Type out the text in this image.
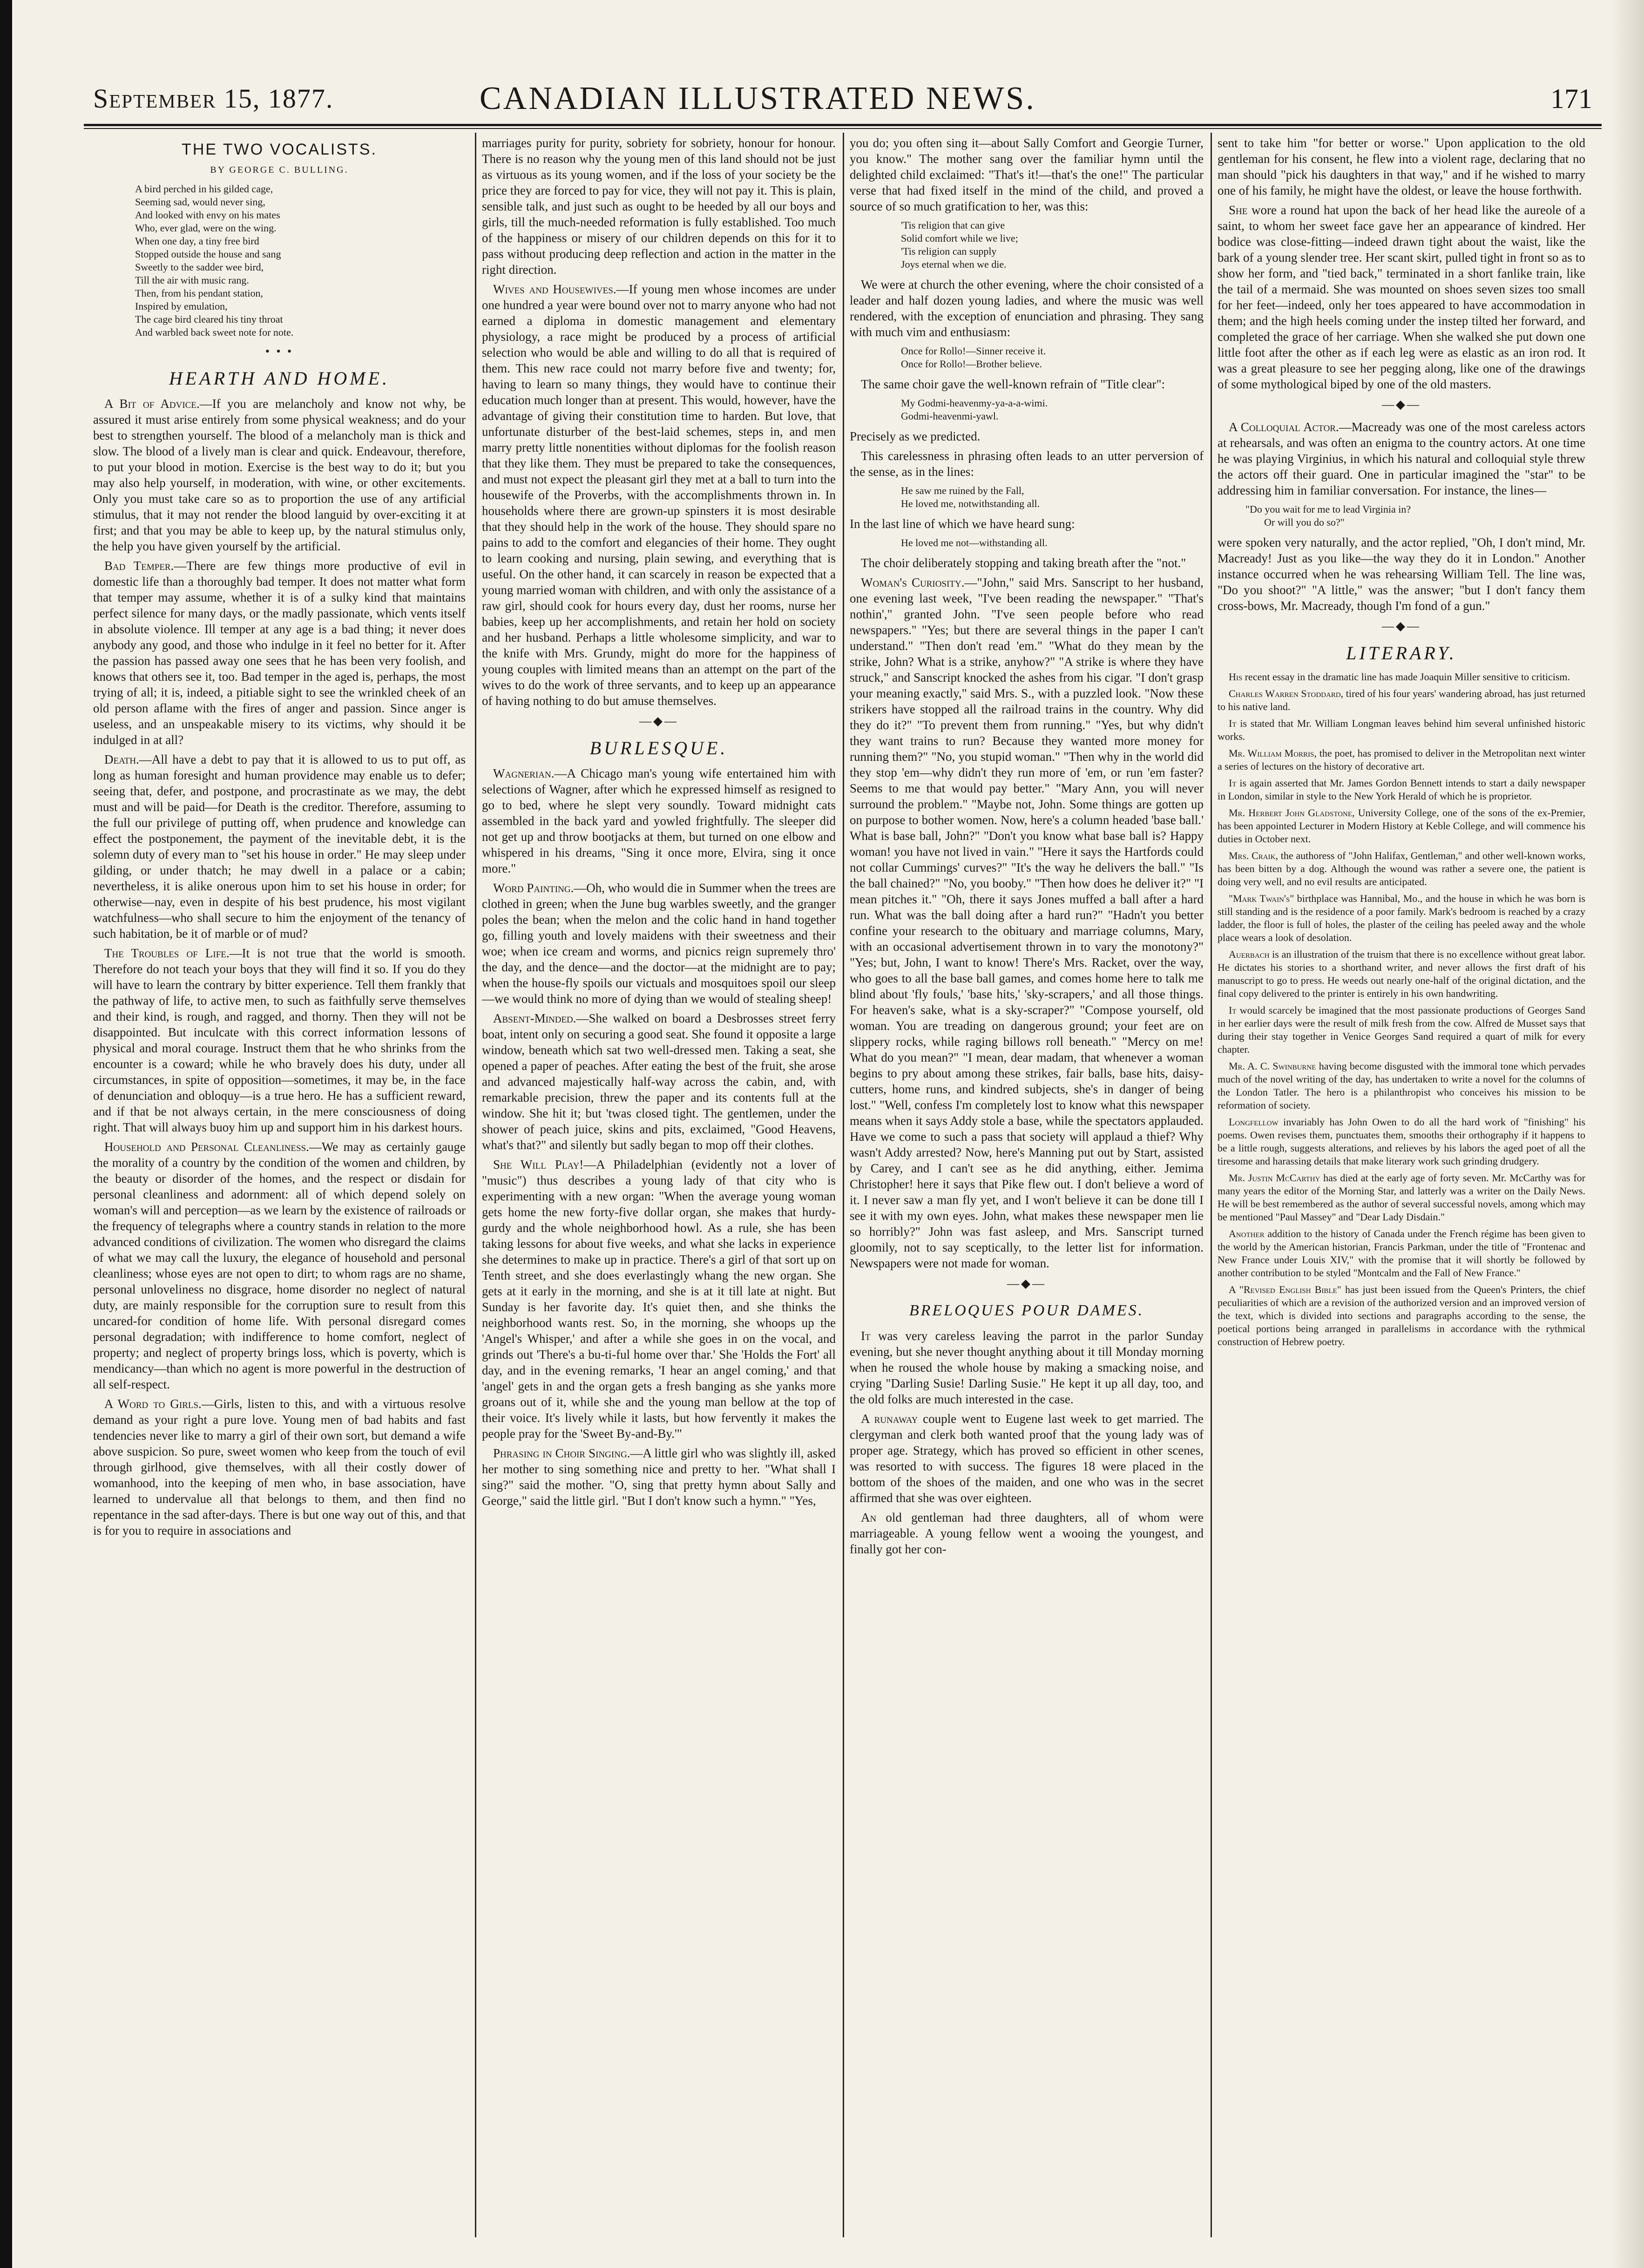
September 15, 1877.	CANADIAN ILLUSTRATED NEWS.	171
THE TWO VOCALISTS.
BY GEORGE C. BULLING.
A bird perched in his gilded cage,
Seeming sad, would never sing,
And looked with envy on his mates
Who, ever glad, were on the wing.
When one day, a tiny free bird
Stopped outside the house and sang
Sweetly to the sadder wee bird,
Till the air with music rang.
Then, from his pendant station,
Inspired by emulation,
The cage bird cleared his tiny throat
And warbled back sweet note for note.
• • •
HEARTH AND HOME.

A Bit of Advice.—If you are melancholy and know not why, be assured it must arise entirely from some physical weakness; and do your best to strengthen yourself. The blood of a melancholy man is thick and slow. The blood of a lively man is clear and quick. Endeavour, therefore, to put your blood in motion. Exercise is the best way to do it; but you may also help yourself, in moderation, with wine, or other excitements. Only you must take care so as to proportion the use of any artificial stimulus, that it may not render the blood languid by over-exciting it at first; and that you may be able to keep up, by the natural stimulus only, the help you have given yourself by the artificial.

Bad Temper.—There are few things more productive of evil in domestic life than a thoroughly bad temper. It does not matter what form that temper may assume, whether it is of a sulky kind that maintains perfect silence for many days, or the madly passionate, which vents itself in absolute violence. Ill temper at any age is a bad thing; it never does anybody any good, and those who indulge in it feel no better for it. After the passion has passed away one sees that he has been very foolish, and knows that others see it, too. Bad temper in the aged is, perhaps, the most trying of all; it is, indeed, a pitiable sight to see the wrinkled cheek of an old person aflame with the fires of anger and passion. Since anger is useless, and an unspeakable misery to its victims, why should it be indulged in at all?

Death.—All have a debt to pay that it is allowed to us to put off, as long as human foresight and human providence may enable us to defer; seeing that, defer, and postpone, and procrastinate as we may, the debt must and will be paid—for Death is the creditor. Therefore, assuming to the full our privilege of putting off, when prudence and knowledge can effect the postponement, the payment of the inevitable debt, it is the solemn duty of every man to "set his house in order." He may sleep under gilding, or under thatch; he may dwell in a palace or a cabin; nevertheless, it is alike onerous upon him to set his house in order; for otherwise—nay, even in despite of his best prudence, his most vigilant watchfulness—who shall secure to him the enjoyment of the tenancy of such habitation, be it of marble or of mud?

The Troubles of Life.—It is not true that the world is smooth. Therefore do not teach your boys that they will find it so. If you do they will have to learn the contrary by bitter experience. Tell them frankly that the pathway of life, to active men, to such as faithfully serve themselves and their kind, is rough, and ragged, and thorny. Then they will not be disappointed. But inculcate with this correct information lessons of physical and moral courage. Instruct them that he who shrinks from the encounter is a coward; while he who bravely does his duty, under all circumstances, in spite of opposition—sometimes, it may be, in the face of denunciation and obloquy—is a true hero. He has a sufficient reward, and if that be not always certain, in the mere consciousness of doing right. That will always buoy him up and support him in his darkest hours.

Household and Personal Cleanliness.—We may as certainly gauge the morality of a country by the condition of the women and children, by the beauty or disorder of the homes, and the respect or disdain for personal cleanliness and adornment: all of which depend solely on woman's will and perception—as we learn by the existence of railroads or the frequency of telegraphs where a country stands in relation to the more advanced conditions of civilization. The women who disregard the claims of what we may call the luxury, the elegance of household and personal cleanliness; whose eyes are not open to dirt; to whom rags are no shame, personal unloveliness no disgrace, home disorder no neglect of natural duty, are mainly responsible for the corruption sure to result from this uncared-for condition of home life. With personal disregard comes personal degradation; with indifference to home comfort, neglect of property; and neglect of property brings loss, which is poverty, which is mendicancy—than which no agent is more powerful in the destruction of all self-respect.

A Word to Girls.—Girls, listen to this, and with a virtuous resolve demand as your right a pure love. Young men of bad habits and fast tendencies never like to marry a girl of their own sort, but demand a wife above suspicion. So pure, sweet women who keep from the touch of evil through girlhood, give themselves, with all their costly dower of womanhood, into the keeping of men who, in base association, have learned to undervalue all that belongs to them, and then find no repentance in the sad after-days. There is but one way out of this, and that is for you to require in associations and

marriages purity for purity, sobriety for sobriety, honour for honour. There is no reason why the young men of this land should not be just as virtuous as its young women, and if the loss of your society be the price they are forced to pay for vice, they will not pay it. This is plain, sensible talk, and just such as ought to be heeded by all our boys and girls, till the much-needed reformation is fully established. Too much of the happiness or misery of our children depends on this for it to pass without producing deep reflection and action in the matter in the right direction.

Wives and Housewives.—If young men whose incomes are under one hundred a year were bound over not to marry anyone who had not earned a diploma in domestic management and elementary physiology, a race might be produced by a process of artificial selection who would be able and willing to do all that is required of them. This new race could not marry before five and twenty; for, having to learn so many things, they would have to continue their education much longer than at present. This would, however, have the advantage of giving their constitution time to harden. But love, that unfortunate disturber of the best-laid schemes, steps in, and men marry pretty little nonentities without diplomas for the foolish reason that they like them. They must be prepared to take the consequences, and must not expect the pleasant girl they met at a ball to turn into the housewife of the Proverbs, with the accomplishments thrown in. In households where there are grown-up spinsters it is most desirable that they should help in the work of the house. They should spare no pains to add to the comfort and elegancies of their home. They ought to learn cooking and nursing, plain sewing, and everything that is useful. On the other hand, it can scarcely in reason be expected that a young married woman with children, and with only the assistance of a raw girl, should cook for hours every day, dust her rooms, nurse her babies, keep up her accomplishments, and retain her hold on society and her husband. Perhaps a little wholesome simplicity, and war to the knife with Mrs. Grundy, might do more for the happiness of young couples with limited means than an attempt on the part of the wives to do the work of three servants, and to keep up an appearance of having nothing to do but amuse themselves.

—◆—
BURLESQUE.

Wagnerian.—A Chicago man's young wife entertained him with selections of Wagner, after which he expressed himself as resigned to go to bed, where he slept very soundly. Toward midnight cats assembled in the back yard and yowled frightfully. The sleeper did not get up and throw bootjacks at them, but turned on one elbow and whispered in his dreams, "Sing it once more, Elvira, sing it once more."

Word Painting.—Oh, who would die in Summer when the trees are clothed in green; when the June bug warbles sweetly, and the granger poles the bean; when the melon and the colic hand in hand together go, filling youth and lovely maidens with their sweetness and their woe; when ice cream and worms, and picnics reign supremely thro' the day, and the dence—and the doctor—at the midnight are to pay; when the house-fly spoils our victuals and mosquitoes spoil our sleep—we would think no more of dying than we would of stealing sheep!

Absent-Minded.—She walked on board a Desbrosses street ferry boat, intent only on securing a good seat. She found it opposite a large window, beneath which sat two well-dressed men. Taking a seat, she opened a paper of peaches. After eating the best of the fruit, she arose and advanced majestically half-way across the cabin, and, with remarkable precision, threw the paper and its contents full at the window. She hit it; but 'twas closed tight. The gentlemen, under the shower of peach juice, skins and pits, exclaimed, "Good Heavens, what's that?" and silently but sadly began to mop off their clothes.

She Will Play!—A Philadelphian (evidently not a lover of "music") thus describes a young lady of that city who is experimenting with a new organ: "When the average young woman gets home the new forty-five dollar organ, she makes that hurdy-gurdy and the whole neighborhood howl. As a rule, she has been taking lessons for about five weeks, and what she lacks in experience she determines to make up in practice. There's a girl of that sort up on Tenth street, and she does everlastingly whang the new organ. She gets at it early in the morning, and she is at it till late at night. But Sunday is her favorite day. It's quiet then, and she thinks the neighborhood wants rest. So, in the morning, she whoops up the 'Angel's Whisper,' and after a while she goes in on the vocal, and grinds out 'There's a bu-ti-ful home over thar.' She 'Holds the Fort' all day, and in the evening remarks, 'I hear an angel coming,' and that 'angel' gets in and the organ gets a fresh banging as she yanks more groans out of it, while she and the young man bellow at the top of their voice. It's lively while it lasts, but how fervently it makes the people pray for the 'Sweet By-and-By.'"

Phrasing in Choir Singing.—A little girl who was slightly ill, asked her mother to sing something nice and pretty to her. "What shall I sing?" said the mother. "O, sing that pretty hymn about Sally and George," said the little girl. "But I don't know such a hymn." "Yes,

you do; you often sing it—about Sally Comfort and Georgie Turner, you know." The mother sang over the familiar hymn until the delighted child exclaimed: "That's it!—that's the one!" The particular verse that had fixed itself in the mind of the child, and proved a source of so much gratification to her, was this:

'Tis religion that can give
Solid comfort while we live;
'Tis religion can supply
Joys eternal when we die.

We were at church the other evening, where the choir consisted of a leader and half dozen young ladies, and where the music was well rendered, with the exception of enunciation and phrasing. They sang with much vim and enthusiasm:

Once for Rollo!—Sinner receive it.
Once for Rollo!—Brother believe.

The same choir gave the well-known refrain of "Title clear":

My Godmi-heavenmy-ya-a-a-wimi.
Godmi-heavenmi-yawl.

Precisely as we predicted.

This carelessness in phrasing often leads to an utter perversion of the sense, as in the lines:

He saw me ruined by the Fall,
He loved me, notwithstanding all.

In the last line of which we have heard sung:

He loved me not—withstanding all.

The choir deliberately stopping and taking breath after the "not."

Woman's Curiosity.—"John," said Mrs. Sanscript to her husband, one evening last week, "I've been reading the newspaper." "That's nothin'," granted John. "I've seen people before who read newspapers." "Yes; but there are several things in the paper I can't understand." "Then don't read 'em." "What do they mean by the strike, John? What is a strike, anyhow?" "A strike is where they have struck," and Sanscript knocked the ashes from his cigar. "I don't grasp your meaning exactly," said Mrs. S., with a puzzled look. "Now these strikers have stopped all the railroad trains in the country. Why did they do it?" "To prevent them from running." "Yes, but why didn't they want trains to run? Because they wanted more money for running them?" "No, you stupid woman." "Then why in the world did they stop 'em—why didn't they run more of 'em, or run 'em faster? Seems to me that would pay better." "Mary Ann, you will never surround the problem." "Maybe not, John. Some things are gotten up on purpose to bother women. Now, here's a column headed 'base ball.' What is base ball, John?" "Don't you know what base ball is? Happy woman! you have not lived in vain." "Here it says the Hartfords could not collar Cummings' curves?" "It's the way he delivers the ball." "Is the ball chained?" "No, you booby." "Then how does he deliver it?" "I mean pitches it." "Oh, there it says Jones muffed a ball after a hard run. What was the ball doing after a hard run?" "Hadn't you better confine your research to the obituary and marriage columns, Mary, with an occasional advertisement thrown in to vary the monotony?" "Yes; but, John, I want to know! There's Mrs. Racket, over the way, who goes to all the base ball games, and comes home here to talk me blind about 'fly fouls,' 'base hits,' 'sky-scrapers,' and all those things. For heaven's sake, what is a sky-scraper?" "Compose yourself, old woman. You are treading on dangerous ground; your feet are on slippery rocks, while raging billows roll beneath." "Mercy on me! What do you mean?" "I mean, dear madam, that whenever a woman begins to pry about among these strikes, fair balls, base hits, daisy-cutters, home runs, and kindred subjects, she's in danger of being lost." "Well, confess I'm completely lost to know what this newspaper means when it says Addy stole a base, while the spectators applauded. Have we come to such a pass that society will applaud a thief? Why wasn't Addy arrested? Now, here's Manning put out by Start, assisted by Carey, and I can't see as he did anything, either. Jemima Christopher! here it says that Pike flew out. I don't believe a word of it. I never saw a man fly yet, and I won't believe it can be done till I see it with my own eyes. John, what makes these newspaper men lie so horribly?" John was fast asleep, and Mrs. Sanscript turned gloomily, not to say sceptically, to the letter list for information. Newspapers were not made for woman.

—◆—
BRELOQUES POUR DAMES.

It was very careless leaving the parrot in the parlor Sunday evening, but she never thought anything about it till Monday morning when he roused the whole house by making a smacking noise, and crying "Darling Susie! Darling Susie." He kept it up all day, too, and the old folks are much interested in the case.

A runaway couple went to Eugene last week to get married. The clergyman and clerk both wanted proof that the young lady was of proper age. Strategy, which has proved so efficient in other scenes, was resorted to with success. The figures 18 were placed in the bottom of the shoes of the maiden, and one who was in the secret affirmed that she was over eighteen.

An old gentleman had three daughters, all of whom were marriageable. A young fellow went a wooing the youngest, and finally got her con-

sent to take him "for better or worse." Upon application to the old gentleman for his consent, he flew into a violent rage, declaring that no man should "pick his daughters in that way," and if he wished to marry one of his family, he might have the oldest, or leave the house forthwith.

She wore a round hat upon the back of her head like the aureole of a saint, to whom her sweet face gave her an appearance of kindred. Her bodice was close-fitting—indeed drawn tight about the waist, like the bark of a young slender tree. Her scant skirt, pulled tight in front so as to show her form, and "tied back," terminated in a short fanlike train, like the tail of a mermaid. She was mounted on shoes seven sizes too small for her feet—indeed, only her toes appeared to have accommodation in them; and the high heels coming under the instep tilted her forward, and completed the grace of her carriage. When she walked she put down one little foot after the other as if each leg were as elastic as an iron rod. It was a great pleasure to see her pegging along, like one of the drawings of some mythological biped by one of the old masters.

—◆—

A Colloquial Actor.—Macready was one of the most careless actors at rehearsals, and was often an enigma to the country actors. At one time he was playing Virginius, in which his natural and colloquial style threw the actors off their guard. One in particular imagined the "star" to be addressing him in familiar conversation. For instance, the lines—

"Do you wait for me to lead Virginia in?
Or will you do so?"

were spoken very naturally, and the actor replied, "Oh, I don't mind, Mr. Macready! Just as you like—the way they do it in London." Another instance occurred when he was rehearsing William Tell. The line was, "Do you shoot?" "A little," was the answer; "but I don't fancy them cross-bows, Mr. Macready, though I'm fond of a gun."

—◆—
LITERARY.

His recent essay in the dramatic line has made Joaquin Miller sensitive to criticism.

Charles Warren Stoddard, tired of his four years' wandering abroad, has just returned to his native land.

It is stated that Mr. William Longman leaves behind him several unfinished historic works.

Mr. William Morris, the poet, has promised to deliver in the Metropolitan next winter a series of lectures on the history of decorative art.

It is again asserted that Mr. James Gordon Bennett intends to start a daily newspaper in London, similar in style to the New York Herald of which he is proprietor.

Mr. Herbert John Gladstone, University College, one of the sons of the ex-Premier, has been appointed Lecturer in Modern History at Keble College, and will commence his duties in October next.

Mrs. Craik, the authoress of "John Halifax, Gentleman," and other well-known works, has been bitten by a dog. Although the wound was rather a severe one, the patient is doing very well, and no evil results are anticipated.

"Mark Twain's" birthplace was Hannibal, Mo., and the house in which he was born is still standing and is the residence of a poor family. Mark's bedroom is reached by a crazy ladder, the floor is full of holes, the plaster of the ceiling has peeled away and the whole place wears a look of desolation.

Auerbach is an illustration of the truism that there is no excellence without great labor. He dictates his stories to a shorthand writer, and never allows the first draft of his manuscript to go to press. He weeds out nearly one-half of the original dictation, and the final copy delivered to the printer is entirely in his own handwriting.

It would scarcely be imagined that the most passionate productions of Georges Sand in her earlier days were the result of milk fresh from the cow. Alfred de Musset says that during their stay together in Venice Georges Sand required a quart of milk for every chapter.

Mr. A. C. Swinburne having become disgusted with the immoral tone which pervades much of the novel writing of the day, has undertaken to write a novel for the columns of the London Tatler. The hero is a philanthropist who conceives his mission to be reformation of society.

Longfellow invariably has John Owen to do all the hard work of "finishing" his poems. Owen revises them, punctuates them, smooths their orthography if it happens to be a little rough, suggests alterations, and relieves by his labors the aged poet of all the tiresome and harassing details that make literary work such grinding drudgery.

Mr. Justin McCarthy has died at the early age of forty seven. Mr. McCarthy was for many years the editor of the Morning Star, and latterly was a writer on the Daily News. He will be best remembered as the author of several successful novels, among which may be mentioned "Paul Massey" and "Dear Lady Disdain."

Another addition to the history of Canada under the French régime has been given to the world by the American historian, Francis Parkman, under the title of "Frontenac and New France under Louis XIV," with the promise that it will shortly be followed by another contribution to be styled "Montcalm and the Fall of New France."

A "Revised English Bible" has just been issued from the Queen's Printers, the chief peculiarities of which are a revision of the authorized version and an improved version of the text, which is divided into sections and paragraphs according to the sense, the poetical portions being arranged in parallelisms in accordance with the rythmical construction of Hebrew poetry.
